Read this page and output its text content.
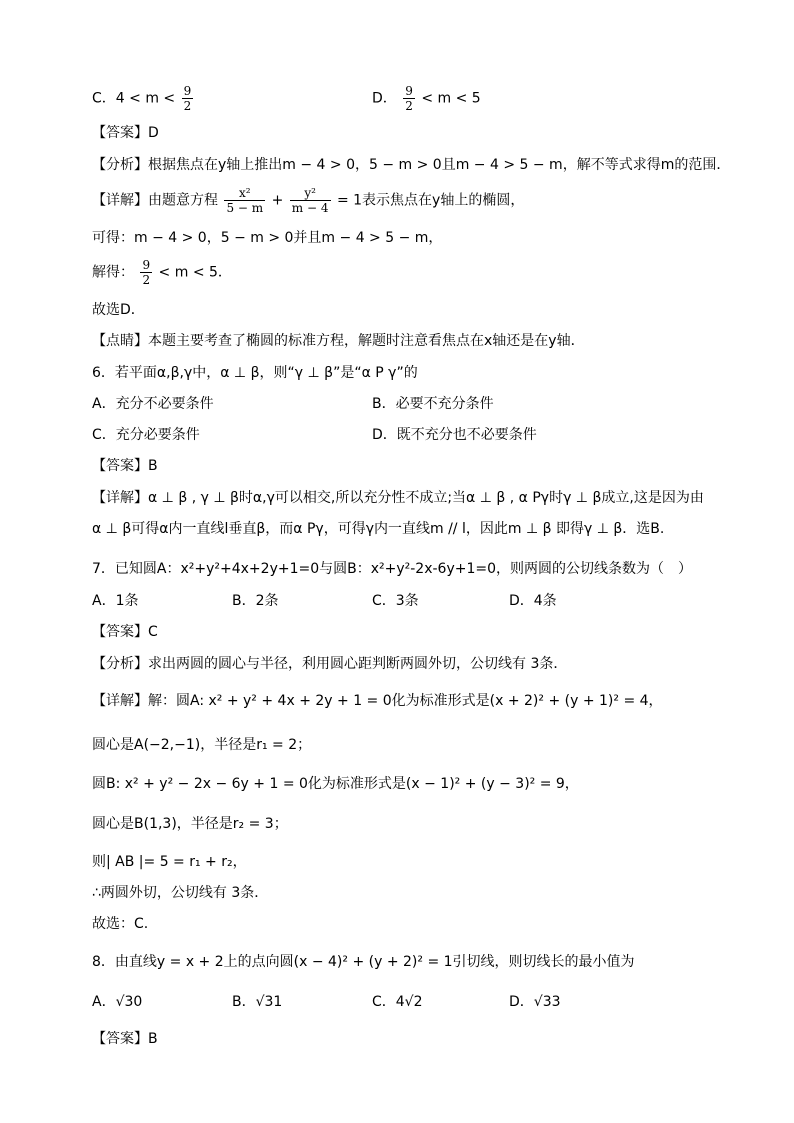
C．$4 < m < \frac{9}{2}$	D． $\frac{9}{2} < m < 5$
【答案】D
【分析】根据焦点在y轴上推出m − 4 > 0，5 − m > 0且m − 4 > 5 − m，解不等式求得m的范围．
【详解】由题意方程 $\frac{\text{x²}}{5 - m} + \frac{\text{y²}}{m - 4} = 1$表示焦点在y轴上的椭圆，
可得：m − 4 > 0，5 − m > 0并且m − 4 > 5 − m，
解得： $\frac{9}{2} < m < 5$．
故选D．
【点睛】本题主要考查了椭圆的标准方程，解题时注意看焦点在x轴还是在y轴．
6．若平面α,β,γ中，α ⊥ β，则“γ ⊥ β”是“α P γ”的
A．充分不必要条件	B．必要不充分条件
C．充分必要条件	D．既不充分也不必要条件
【答案】B
【详解】α ⊥ β , γ ⊥ β时α,γ可以相交,所以充分性不成立;当α ⊥ β , α Pγ时γ ⊥ β成立,这是因为由
α ⊥ β可得α内一直线l垂直β，而α Pγ，可得γ内一直线m // l，因此m ⊥ β 即得γ ⊥ β．选B.
7．已知圆A：x²+y²+4x+2y+1=0与圆B：x²+y²-2x-6y+1=0，则两圆的公切线条数为（　）
A．1条	B．2条	C．3条	D．4条
【答案】C
【分析】求出两圆的圆心与半径，利用圆心距判断两圆外切，公切线有 3条．
【详解】解：圆A: x² + y² + 4x + 2y + 1 = 0化为标准形式是(x + 2)² + (y + 1)² = 4，
圆心是A(−2,−1)，半径是r₁ = 2；
圆B: x² + y² − 2x − 6y + 1 = 0化为标准形式是(x − 1)² + (y − 3)² = 9，
圆心是B(1,3)，半径是r₂ = 3；
则| AB |= 5 = r₁ + r₂，
∴两圆外切，公切线有 3条．
故选：C.
8．由直线y = x + 2上的点向圆(x − 4)² + (y + 2)² = 1引切线，则切线长的最小值为
A．√30	B．√31	C．4√2	D．√33
【答案】B
